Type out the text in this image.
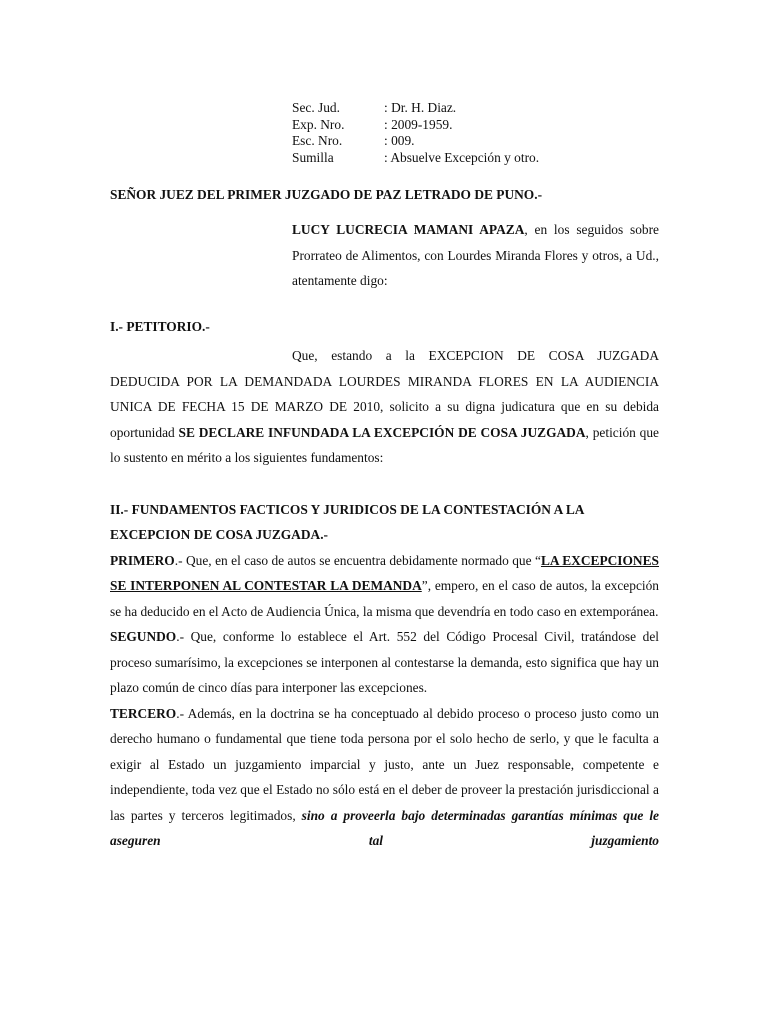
Sec. Jud.	: Dr. H. Diaz.
Exp. Nro.	: 2009-1959.
Esc. Nro.	: 009.
Sumilla	: Absuelve Excepción y otro.
SEÑOR JUEZ DEL PRIMER JUZGADO DE PAZ LETRADO DE PUNO.-
LUCY LUCRECIA MAMANI APAZA, en los seguidos sobre Prorrateo de Alimentos, con Lourdes Miranda Flores y otros, a Ud., atentamente digo:
I.- PETITORIO.-
Que, estando a la EXCEPCION DE COSA JUZGADA DEDUCIDA POR LA DEMANDADA LOURDES MIRANDA FLORES EN LA AUDIENCIA UNICA DE FECHA 15 DE MARZO DE 2010, solicito a su digna judicatura que en su debida oportunidad SE DECLARE INFUNDADA LA EXCEPCIÓN DE COSA JUZGADA, petición que lo sustento en mérito a los siguientes fundamentos:
II.- FUNDAMENTOS FACTICOS Y JURIDICOS DE LA CONTESTACIÓN A LA EXCEPCION DE COSA JUZGADA.-
PRIMERO.- Que, en el caso de autos se encuentra debidamente normado que “LA EXCEPCIONES SE INTERPONEN AL CONTESTAR LA DEMANDA”, empero, en el caso de autos, la excepción se ha deducido en el Acto de Audiencia Única, la misma que devendría en todo caso en extemporánea.
SEGUNDO.- Que, conforme lo establece el Art. 552 del Código Procesal Civil, tratándose del proceso sumarísimo, la excepciones se interponen al contestarse la demanda, esto significa que hay un plazo común de cinco días para interponer las excepciones.
TERCERO.- Además, en la doctrina se ha conceptuado al debido proceso o proceso justo como un derecho humano o fundamental que tiene toda persona por el solo hecho de serlo, y que le faculta a exigir al Estado un juzgamiento imparcial y justo, ante un Juez responsable, competente e independiente, toda vez que el Estado no sólo está en el deber de proveer la prestación jurisdiccional a las partes y terceros legitimados, sino a proveerla bajo determinadas garantías mínimas que le aseguren tal juzgamiento
